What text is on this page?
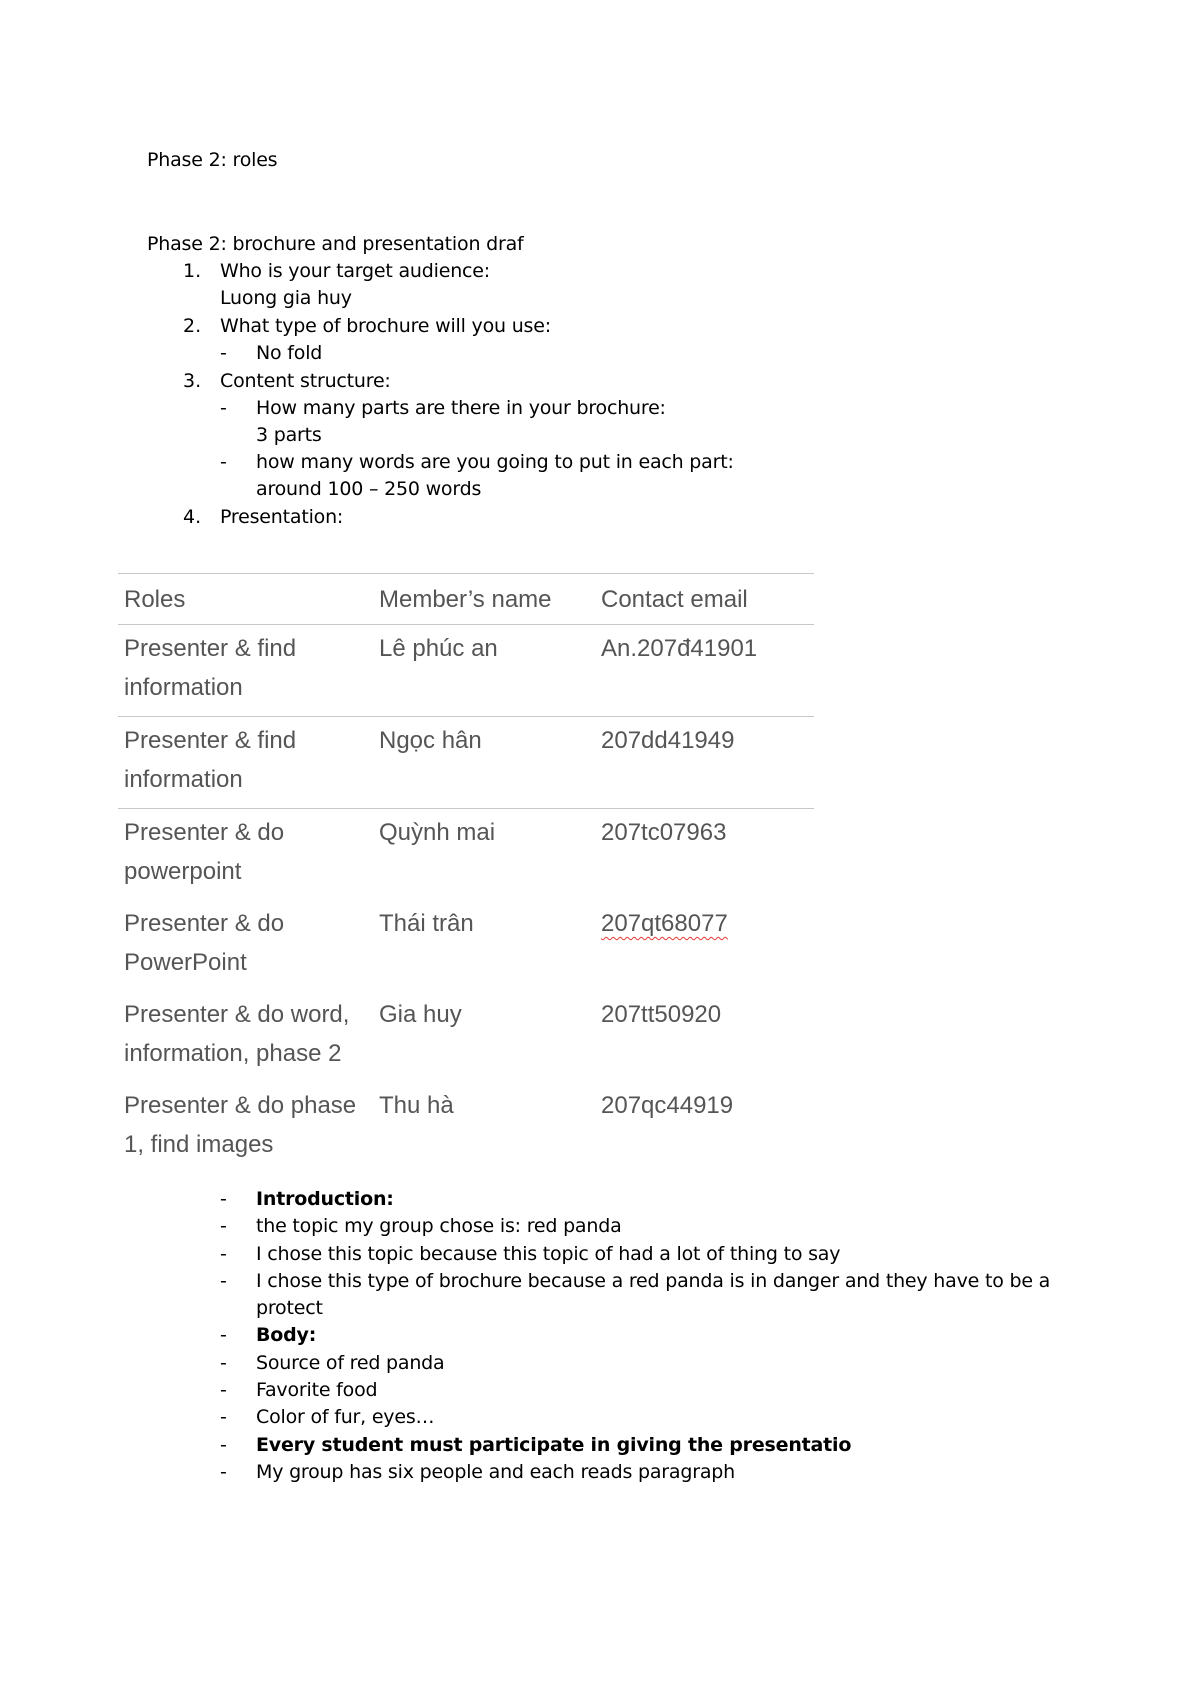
Phase 2: roles
Phase 2: brochure and presentation draf
1. Who is your target audience:
Luong gia huy
2. What type of brochure will you use:
- No fold
3. Content structure:
- How many parts are there in your brochure:
3 parts
- how many words are you going to put in each part:
around 100 – 250 words
4. Presentation:
Roles	Member’s name	Contact email
Presenter & find information	Lê phúc an	An.207đ41901
Presenter & find information	Ngọc hân	207dd41949
Presenter & do powerpoint	Quỳnh mai	207tc07963
Presenter & do PowerPoint	Thái trân	207qt68077
Presenter & do word, information, phase 2	Gia huy	207tt50920
Presenter & do phase 1, find images	Thu hà	207qc44919
- Introduction:
- the topic my group chose is: red panda
- I chose this topic because this topic of had a lot of thing to say
- I chose this type of brochure because a red panda is in danger and they have to be a
protect
- Body:
- Source of red panda
- Favorite food
- Color of fur, eyes…
- Every student must participate in giving the presentatio
- My group has six people and each reads paragraph
